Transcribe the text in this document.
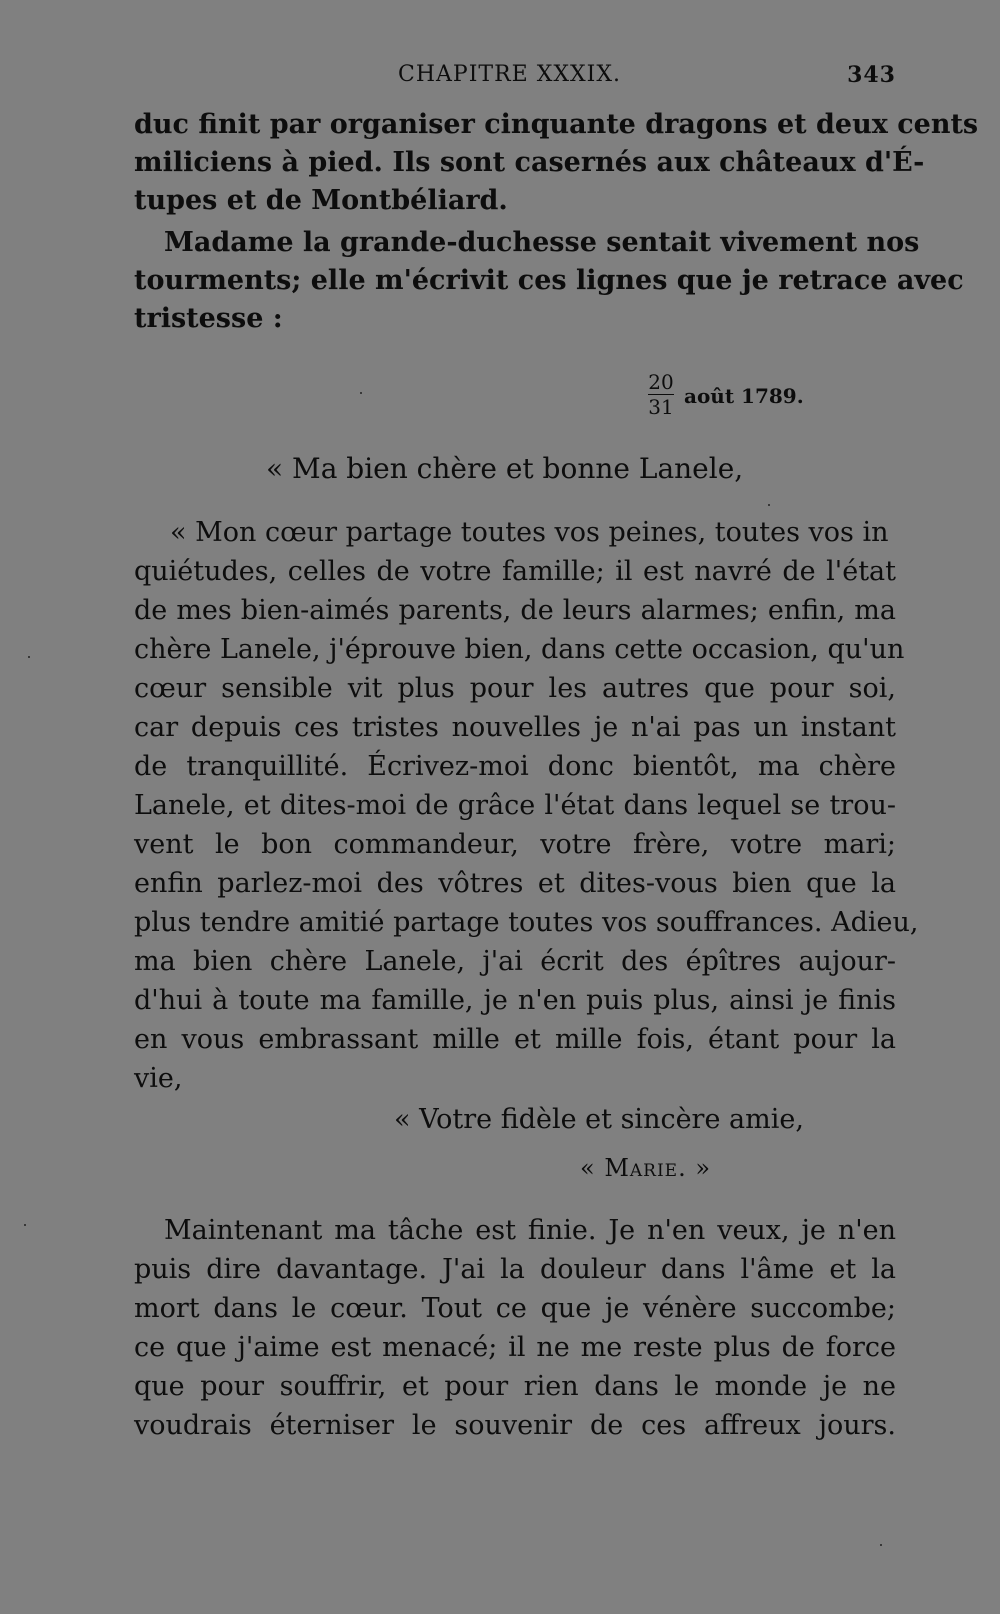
CHAPITRE XXXIX.	343
duc finit par organiser cinquante dragons et deux cents
miliciens à pied. Ils sont casernés aux châteaux d'É-
tupes et de Montbéliard.
Madame la grande-duchesse sentait vivement nos
tourments; elle m'écrivit ces lignes que je retrace avec
tristesse :
$\frac{20}{31}$ août 1789.
« Ma bien chère et bonne Lanele,
« Mon cœur partage toutes vos peines, toutes vos in
quiétudes, celles de votre famille; il est navré de l'état
de mes bien-aimés parents, de leurs alarmes; enfin, ma
chère Lanele, j'éprouve bien, dans cette occasion, qu'un
cœur sensible vit plus pour les autres que pour soi,
car depuis ces tristes nouvelles je n'ai pas un instant
de tranquillité. Écrivez-moi donc bientôt, ma chère
Lanele, et dites-moi de grâce l'état dans lequel se trou-
vent le bon commandeur, votre frère, votre mari;
enfin parlez-moi des vôtres et dites-vous bien que la
plus tendre amitié partage toutes vos souffrances. Adieu,
ma bien chère Lanele, j'ai écrit des épîtres aujour-
d'hui à toute ma famille, je n'en puis plus, ainsi je finis
en vous embrassant mille et mille fois, étant pour la
vie,
« Votre fidèle et sincère amie,
« Marie. »
Maintenant ma tâche est finie. Je n'en veux, je n'en
puis dire davantage. J'ai la douleur dans l'âme et la
mort dans le cœur. Tout ce que je vénère succombe;
ce que j'aime est menacé; il ne me reste plus de force
que pour souffrir, et pour rien dans le monde je ne
voudrais éterniser le souvenir de ces affreux jours.
